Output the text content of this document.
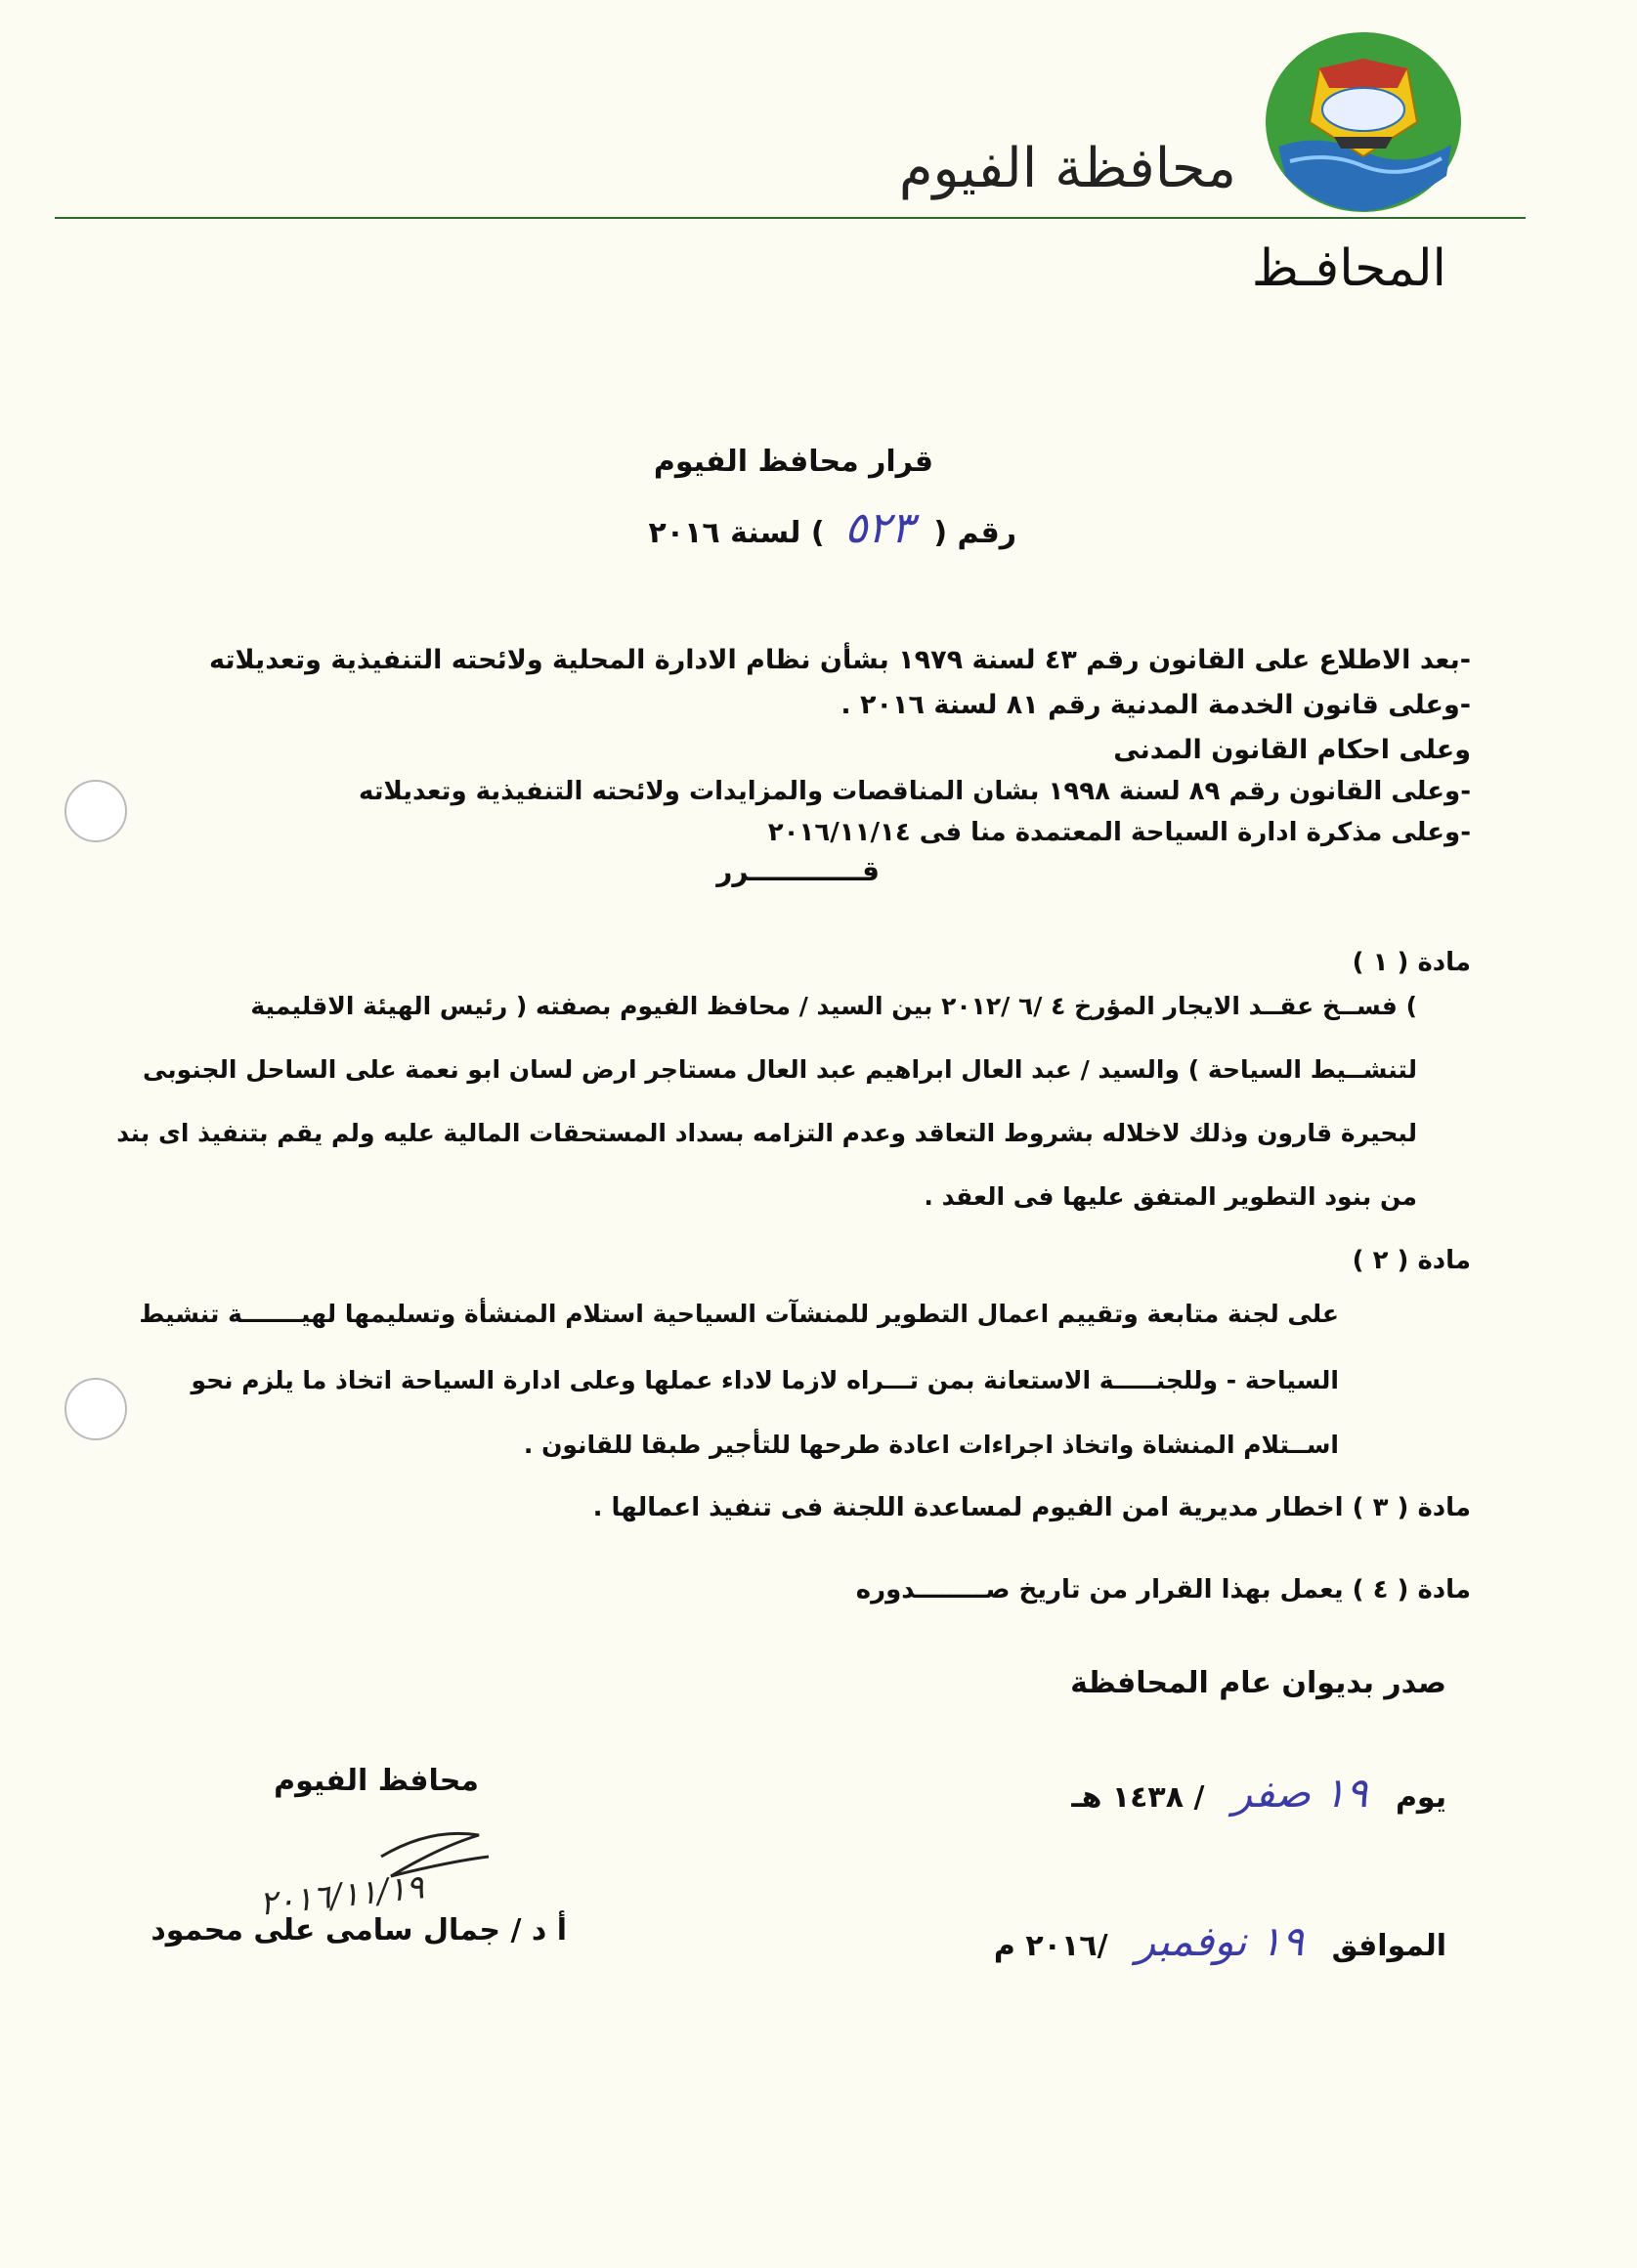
محافظة الفيوم
المحافـظ
قرار محافظ الفيوم
رقم ( ٥٢٣ ) لسنة ٢٠١٦
-بعد الاطلاع على القانون رقم ٤٣ لسنة ١٩٧٩ بشأن نظام الادارة المحلية ولائحته التنفيذية وتعديلاته
-وعلى قانون الخدمة المدنية رقم ٨١ لسنة ٢٠١٦ .
وعلى احكام القانون المدنى
-وعلى القانون رقم ٨٩ لسنة ١٩٩٨ بشان المناقصات والمزايدات ولائحته التنفيذية وتعديلاته
-وعلى مذكرة ادارة السياحة المعتمدة منا فى ٢٠١٦/١١/١٤
قــــــــــــرر
مادة ( ١ )
) فســخ عقــد الايجار المؤرخ ٤ /٦ /٢٠١٢ بين السيد / محافظ الفيوم بصفته ( رئيس الهيئة الاقليمية
لتنشــيط السياحة ) والسيد / عبد العال ابراهيم عبد العال مستاجر ارض لسان ابو نعمة على الساحل الجنوبى
لبحيرة قارون وذلك لاخلاله بشروط التعاقد وعدم التزامه بسداد المستحقات المالية عليه ولم يقم بتنفيذ اى بند
من بنود التطوير المتفق عليها فى العقد .
مادة ( ٢ )
على لجنة متابعة وتقييم اعمال التطوير للمنشآت السياحية استلام المنشأة وتسليمها لهيـــــــة تنشيط
السياحة - وللجنـــــة الاستعانة بمن تـــراه لازما لاداء عملها وعلى ادارة السياحة اتخاذ ما يلزم نحو
اســتلام المنشاة واتخاذ اجراءات اعادة طرحها للتأجير طبقا للقانون .
مادة ( ٣ ) اخطار مديرية امن الفيوم لمساعدة اللجنة فى تنفيذ اعمالها .
مادة ( ٤ ) يعمل بهذا القرار من تاريخ صــــــــدوره
صدر بديوان عام المحافظة
يوم ١٩ صفر / ١٤٣٨ هـ
الموافق ١٩ نوفمبر /٢٠١٦ م
محافظ الفيوم
٢٠١٦/١١/١٩
أ د / جمال سامى على محمود
